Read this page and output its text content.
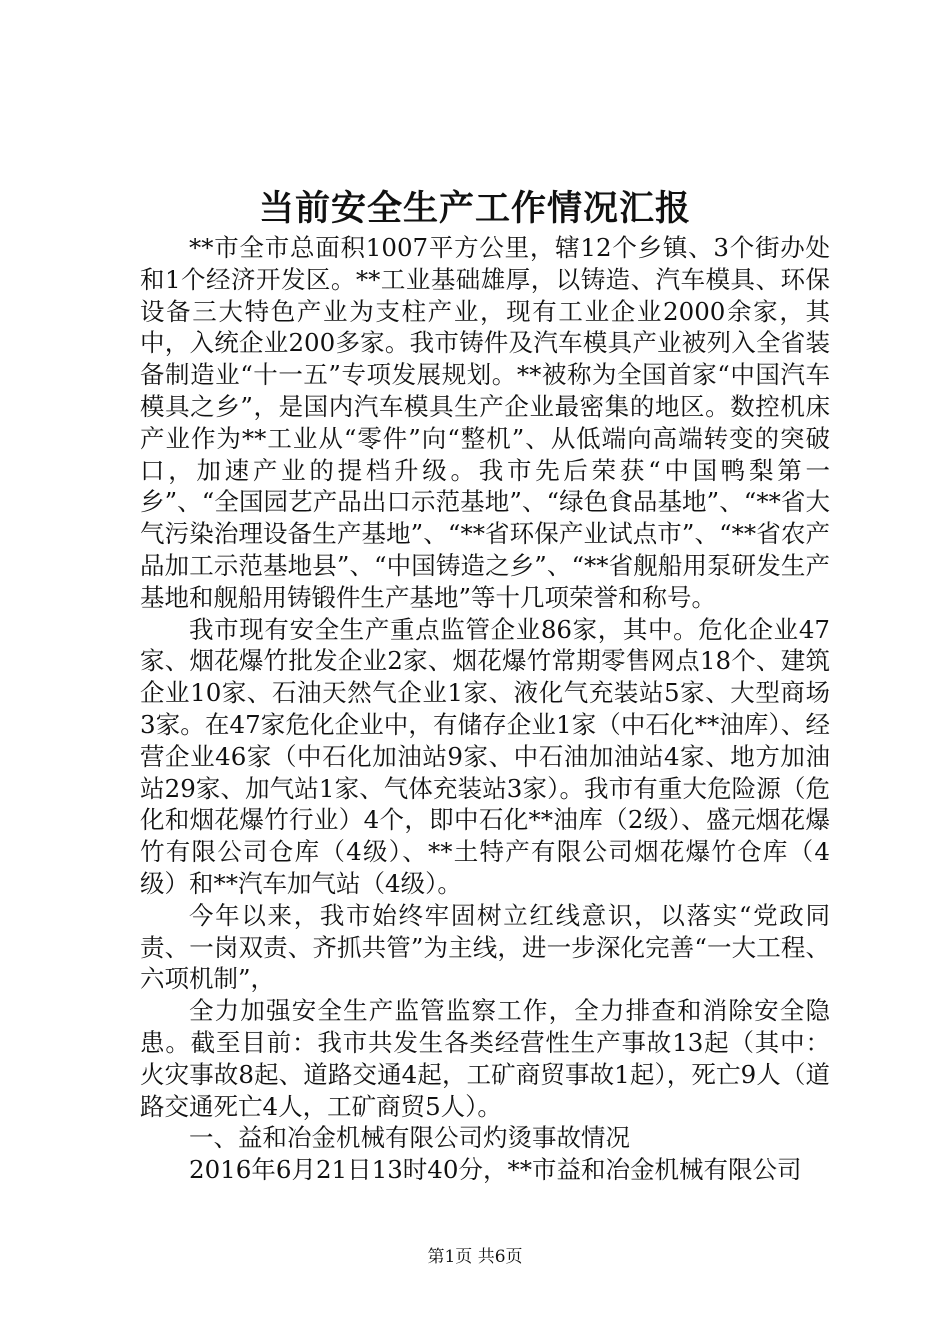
当前安全生产工作情况汇报

**市全市总面积1007平方公里，辖12个乡镇、3个街办处和1个经济开发区。**工业基础雄厚，以铸造、汽车模具、环保设备三大特色产业为支柱产业，现有工业企业2000余家，其中，入统企业200多家。我市铸件及汽车模具产业被列入全省装备制造业“十一五”专项发展规划。**被称为全国首家“中国汽车模具之乡”，是国内汽车模具生产企业最密集的地区。数控机床产业作为**工业从“零件”向“整机”、从低端向高端转变的突破口，加速产业的提档升级。我市先后荣获“中国鸭梨第一乡”、“全国园艺产品出口示范基地”、“绿色食品基地”、“**省大气污染治理设备生产基地”、“**省环保产业试点市”、“**省农产品加工示范基地县”、“中国铸造之乡”、“**省舰船用泵研发生产基地和舰船用铸锻件生产基地”等十几项荣誉和称号。

我市现有安全生产重点监管企业86家，其中。危化企业47家、烟花爆竹批发企业2家、烟花爆竹常期零售网点18个、建筑企业10家、石油天然气企业1家、液化气充装站5家、大型商场3家。在47家危化企业中，有储存企业1家（中石化**油库）、经营企业46家（中石化加油站9家、中石油加油站4家、地方加油站29家、加气站1家、气体充装站3家）。我市有重大危险源（危化和烟花爆竹行业）4个，即中石化**油库（2级）、盛元烟花爆竹有限公司仓库（4级）、**土特产有限公司烟花爆竹仓库（4级）和**汽车加气站（4级）。

今年以来，我市始终牢固树立红线意识，以落实“党政同责、一岗双责、齐抓共管”为主线，进一步深化完善“一大工程、六项机制”，

全力加强安全生产监管监察工作，全力排查和消除安全隐患。截至目前：我市共发生各类经营性生产事故13起（其中：火灾事故8起、道路交通4起，工矿商贸事故1起），死亡9人（道路交通死亡4人，工矿商贸5人）。

一、益和冶金机械有限公司灼烫事故情况

2016年6月21日13时40分，**市益和冶金机械有限公司

第1页 共6页
